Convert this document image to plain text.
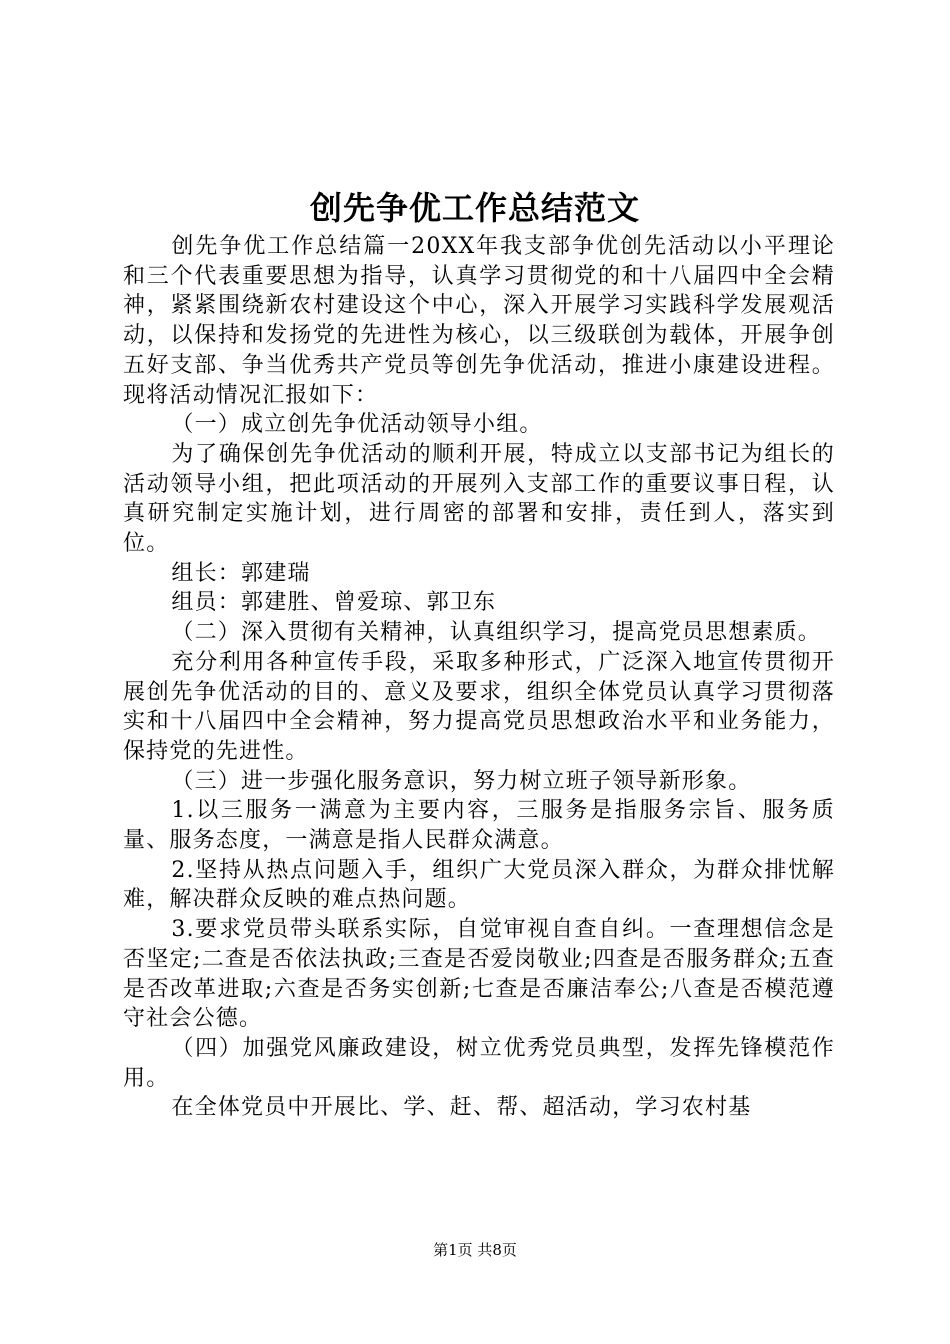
创先争优工作总结范文

创先争优工作总结篇一20XX年我支部争优创先活动以小平理论和三个代表重要思想为指导，认真学习贯彻党的和十八届四中全会精神，紧紧围绕新农村建设这个中心，深入开展学习实践科学发展观活动，以保持和发扬党的先进性为核心，以三级联创为载体，开展争创五好支部、争当优秀共产党员等创先争优活动，推进小康建设进程。现将活动情况汇报如下：

（一）成立创先争优活动领导小组。

为了确保创先争优活动的顺利开展，特成立以支部书记为组长的活动领导小组，把此项活动的开展列入支部工作的重要议事日程，认真研究制定实施计划，进行周密的部署和安排，责任到人，落实到位。

组长：郭建瑞

组员：郭建胜、曾爱琼、郭卫东

（二）深入贯彻有关精神，认真组织学习，提高党员思想素质。

充分利用各种宣传手段，采取多种形式，广泛深入地宣传贯彻开展创先争优活动的目的、意义及要求，组织全体党员认真学习贯彻落实和十八届四中全会精神，努力提高党员思想政治水平和业务能力，保持党的先进性。

（三）进一步强化服务意识，努力树立班子领导新形象。

1.以三服务一满意为主要内容，三服务是指服务宗旨、服务质量、服务态度，一满意是指人民群众满意。

2.坚持从热点问题入手，组织广大党员深入群众，为群众排忧解难，解决群众反映的难点热问题。

3.要求党员带头联系实际，自觉审视自查自纠。一查理想信念是否坚定;二查是否依法执政;三查是否爱岗敬业;四查是否服务群众;五查是否改革进取;六查是否务实创新;七查是否廉洁奉公;八查是否模范遵守社会公德。

（四）加强党风廉政建设，树立优秀党员典型，发挥先锋模范作用。

在全体党员中开展比、学、赶、帮、超活动，学习农村基

第1页 共8页
